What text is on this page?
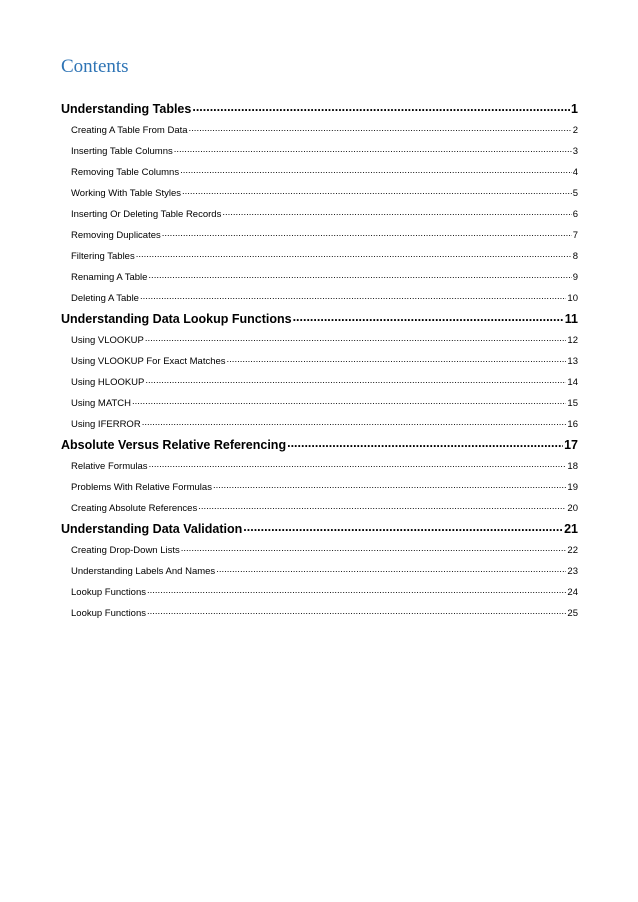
Contents
Understanding Tables .....	1
Creating A Table From Data .....	2
Inserting Table Columns .....	3
Removing Table Columns .....	4
Working With Table Styles .....	5
Inserting Or Deleting Table Records .....	6
Removing Duplicates .....	7
Filtering Tables .....	8
Renaming A Table .....	9
Deleting A Table .....	10
Understanding Data Lookup Functions .....	11
Using VLOOKUP .....	12
Using VLOOKUP For Exact Matches .....	13
Using HLOOKUP .....	14
Using MATCH .....	15
Using IFERROR .....	16
Absolute Versus Relative Referencing .....	17
Relative Formulas .....	18
Problems With Relative Formulas .....	19
Creating Absolute References .....	20
Understanding Data Validation .....	21
Creating Drop-Down Lists .....	22
Understanding Labels And Names .....	23
Lookup Functions .....	24
Lookup Functions .....	25
